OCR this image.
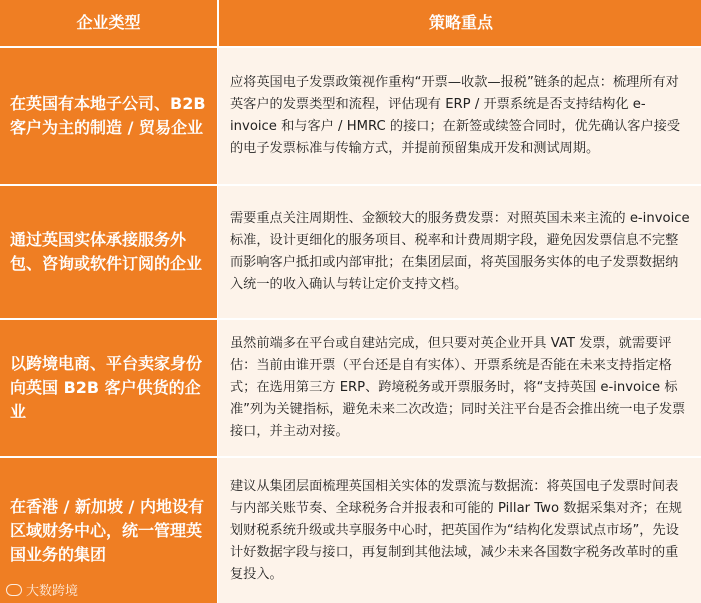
企业类型	策略重点
在英国有本地子公司、B2B客户为主的制造 / 贸易企业
应将英国电子发票政策视作重构“开票—收款—报税”链条的起点：梳理所有对英客户的发票类型和流程，评估现有 ERP / 开票系统是否支持结构化 e-invoice 和与客户 / HMRC 的接口；在新签或续签合同时，优先确认客户接受的电子发票标准与传输方式，并提前预留集成开发和测试周期。
通过英国实体承接服务外包、咨询或软件订阅的企业
需要重点关注周期性、金额较大的服务费发票：对照英国未来主流的 e-invoice 标准，设计更细化的服务项目、税率和计费周期字段，避免因发票信息不完整而影响客户抵扣或内部审批；在集团层面，将英国服务实体的电子发票数据纳入统一的收入确认与转让定价支持文档。
以跨境电商、平台卖家身份向英国 B2B 客户供货的企业
虽然前端多在平台或自建站完成，但只要对英企业开具 VAT 发票，就需要评估：当前由谁开票（平台还是自有实体）、开票系统是否能在未来支持指定格式；在选用第三方 ERP、跨境税务或开票服务时，将“支持英国 e-invoice 标准”列为关键指标，避免未来二次改造；同时关注平台是否会推出统一电子发票接口，并主动对接。
在香港 / 新加坡 / 内地设有区域财务中心，统一管理英国业务的集团
建议从集团层面梳理英国相关实体的发票流与数据流：将英国电子发票时间表与内部关账节奏、全球税务合并报表和可能的 Pillar Two 数据采集对齐；在规划财税系统升级或共享服务中心时，把英国作为“结构化发票试点市场”，先设计好数据字段与接口，再复制到其他法域，减少未来各国数字税务改革时的重复投入。
大数跨境
